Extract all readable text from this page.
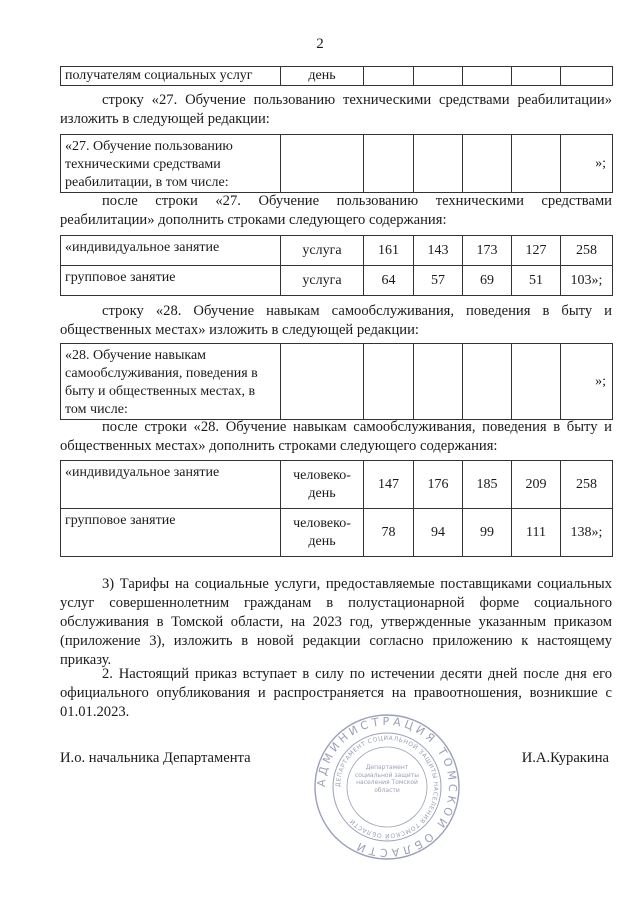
2
получателям социальных услуг	день					
строку «27. Обучение пользованию техническими средствами реабилитации» изложить в следующей редакции:
«27. Обучение пользованию техническими средствами реабилитации, в том числе:						»;
после строки «27. Обучение пользованию техническими средствами реабилитации» дополнить строками следующего содержания:
«индивидуальное занятие	услуга	161	143	173	127	258
групповое занятие	услуга	64	57	69	51	103»;
строку «28. Обучение навыкам самообслуживания, поведения в быту и общественных местах» изложить в следующей редакции:
«28. Обучение навыкам самообслуживания, поведения в быту и общественных местах, в том числе:						»;
после строки «28. Обучение навыкам самообслуживания, поведения в быту и общественных местах» дополнить строками следующего содержания:
«индивидуальное занятие	человеко-день	147	176	185	209	258
групповое занятие	человеко-день	78	94	99	111	138»;
3) Тарифы на социальные услуги, предоставляемые поставщиками социальных услуг совершеннолетним гражданам в полустационарной форме социального обслуживания в Томской области, на 2023 год, утвержденные указанным приказом (приложение 3), изложить в новой редакции согласно приложению к настоящему приказу.
2. Настоящий приказ вступает в силу по истечении десяти дней после дня его официального опубликования и распространяется на правоотношения, возникшие с 01.01.2023.
И.о. начальника Департамента	И.А.Куракина
АДМИНИСТРАЦИЯ ТОМСКОЙ ОБЛАСТИ
ДЕПАРТАМЕНТ СОЦИАЛЬНОЙ ЗАЩИТЫ НАСЕЛЕНИЯ ТОМСКОЙ ОБЛАСТИ
Департамент социальной защиты населения Томской области
